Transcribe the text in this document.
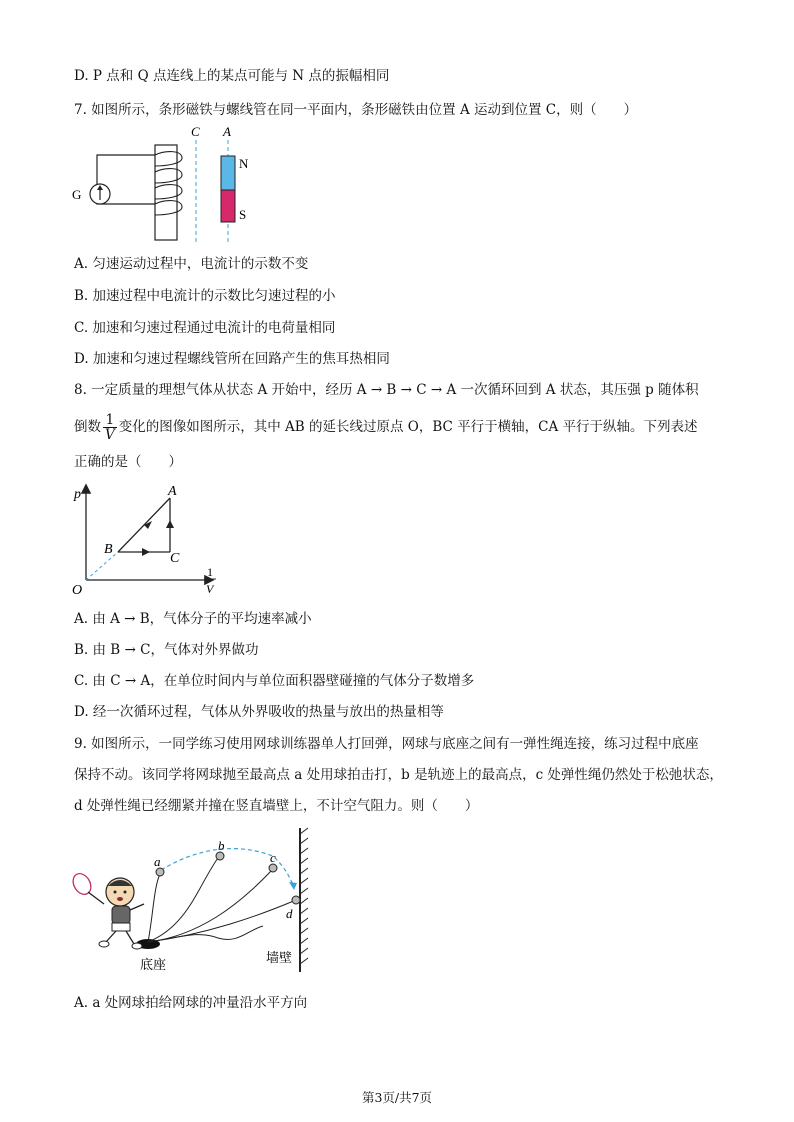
D. P 点和 Q 点连线上的某点可能与 N 点的振幅相同
7. 如图所示，条形磁铁与螺线管在同一平面内，条形磁铁由位置 A 运动到位置 C，则（　　）
G
C A
N
S
A. 匀速运动过程中，电流计的示数不变
B. 加速过程中电流计的示数比匀速过程的小
C. 加速和匀速过程通过电流计的电荷量相同
D. 加速和匀速过程螺线管所在回路产生的焦耳热相同
8. 一定质量的理想气体从状态 A 开始中，经历 A → B → C → A 一次循环回到 A 状态，其压强 p 随体积
倒数 $\frac{1}{V}$ 变化的图像如图所示，其中 AB 的延长线过原点 O，BC 平行于横轴，CA 平行于纵轴。下列表述
正确的是（　　）
p
O
1
V
A
B
C
A. 由 A → B，气体分子的平均速率减小
B. 由 B → C，气体对外界做功
C. 由 C → A，在单位时间内与单位面积器壁碰撞的气体分子数增多
D. 经一次循环过程，气体从外界吸收的热量与放出的热量相等
9. 如图所示，一同学练习使用网球训练器单人打回弹，网球与底座之间有一弹性绳连接，练习过程中底座
保持不动。该同学将网球抛至最高点 a 处用球拍击打，b 是轨迹上的最高点，c 处弹性绳仍然处于松弛状态，
d 处弹性绳已经绷紧并撞在竖直墙壁上，不计空气阻力。则（　　）
墙壁
底座
a
b
c
d
A. a 处网球拍给网球的冲量沿水平方向
第3页/共7页
